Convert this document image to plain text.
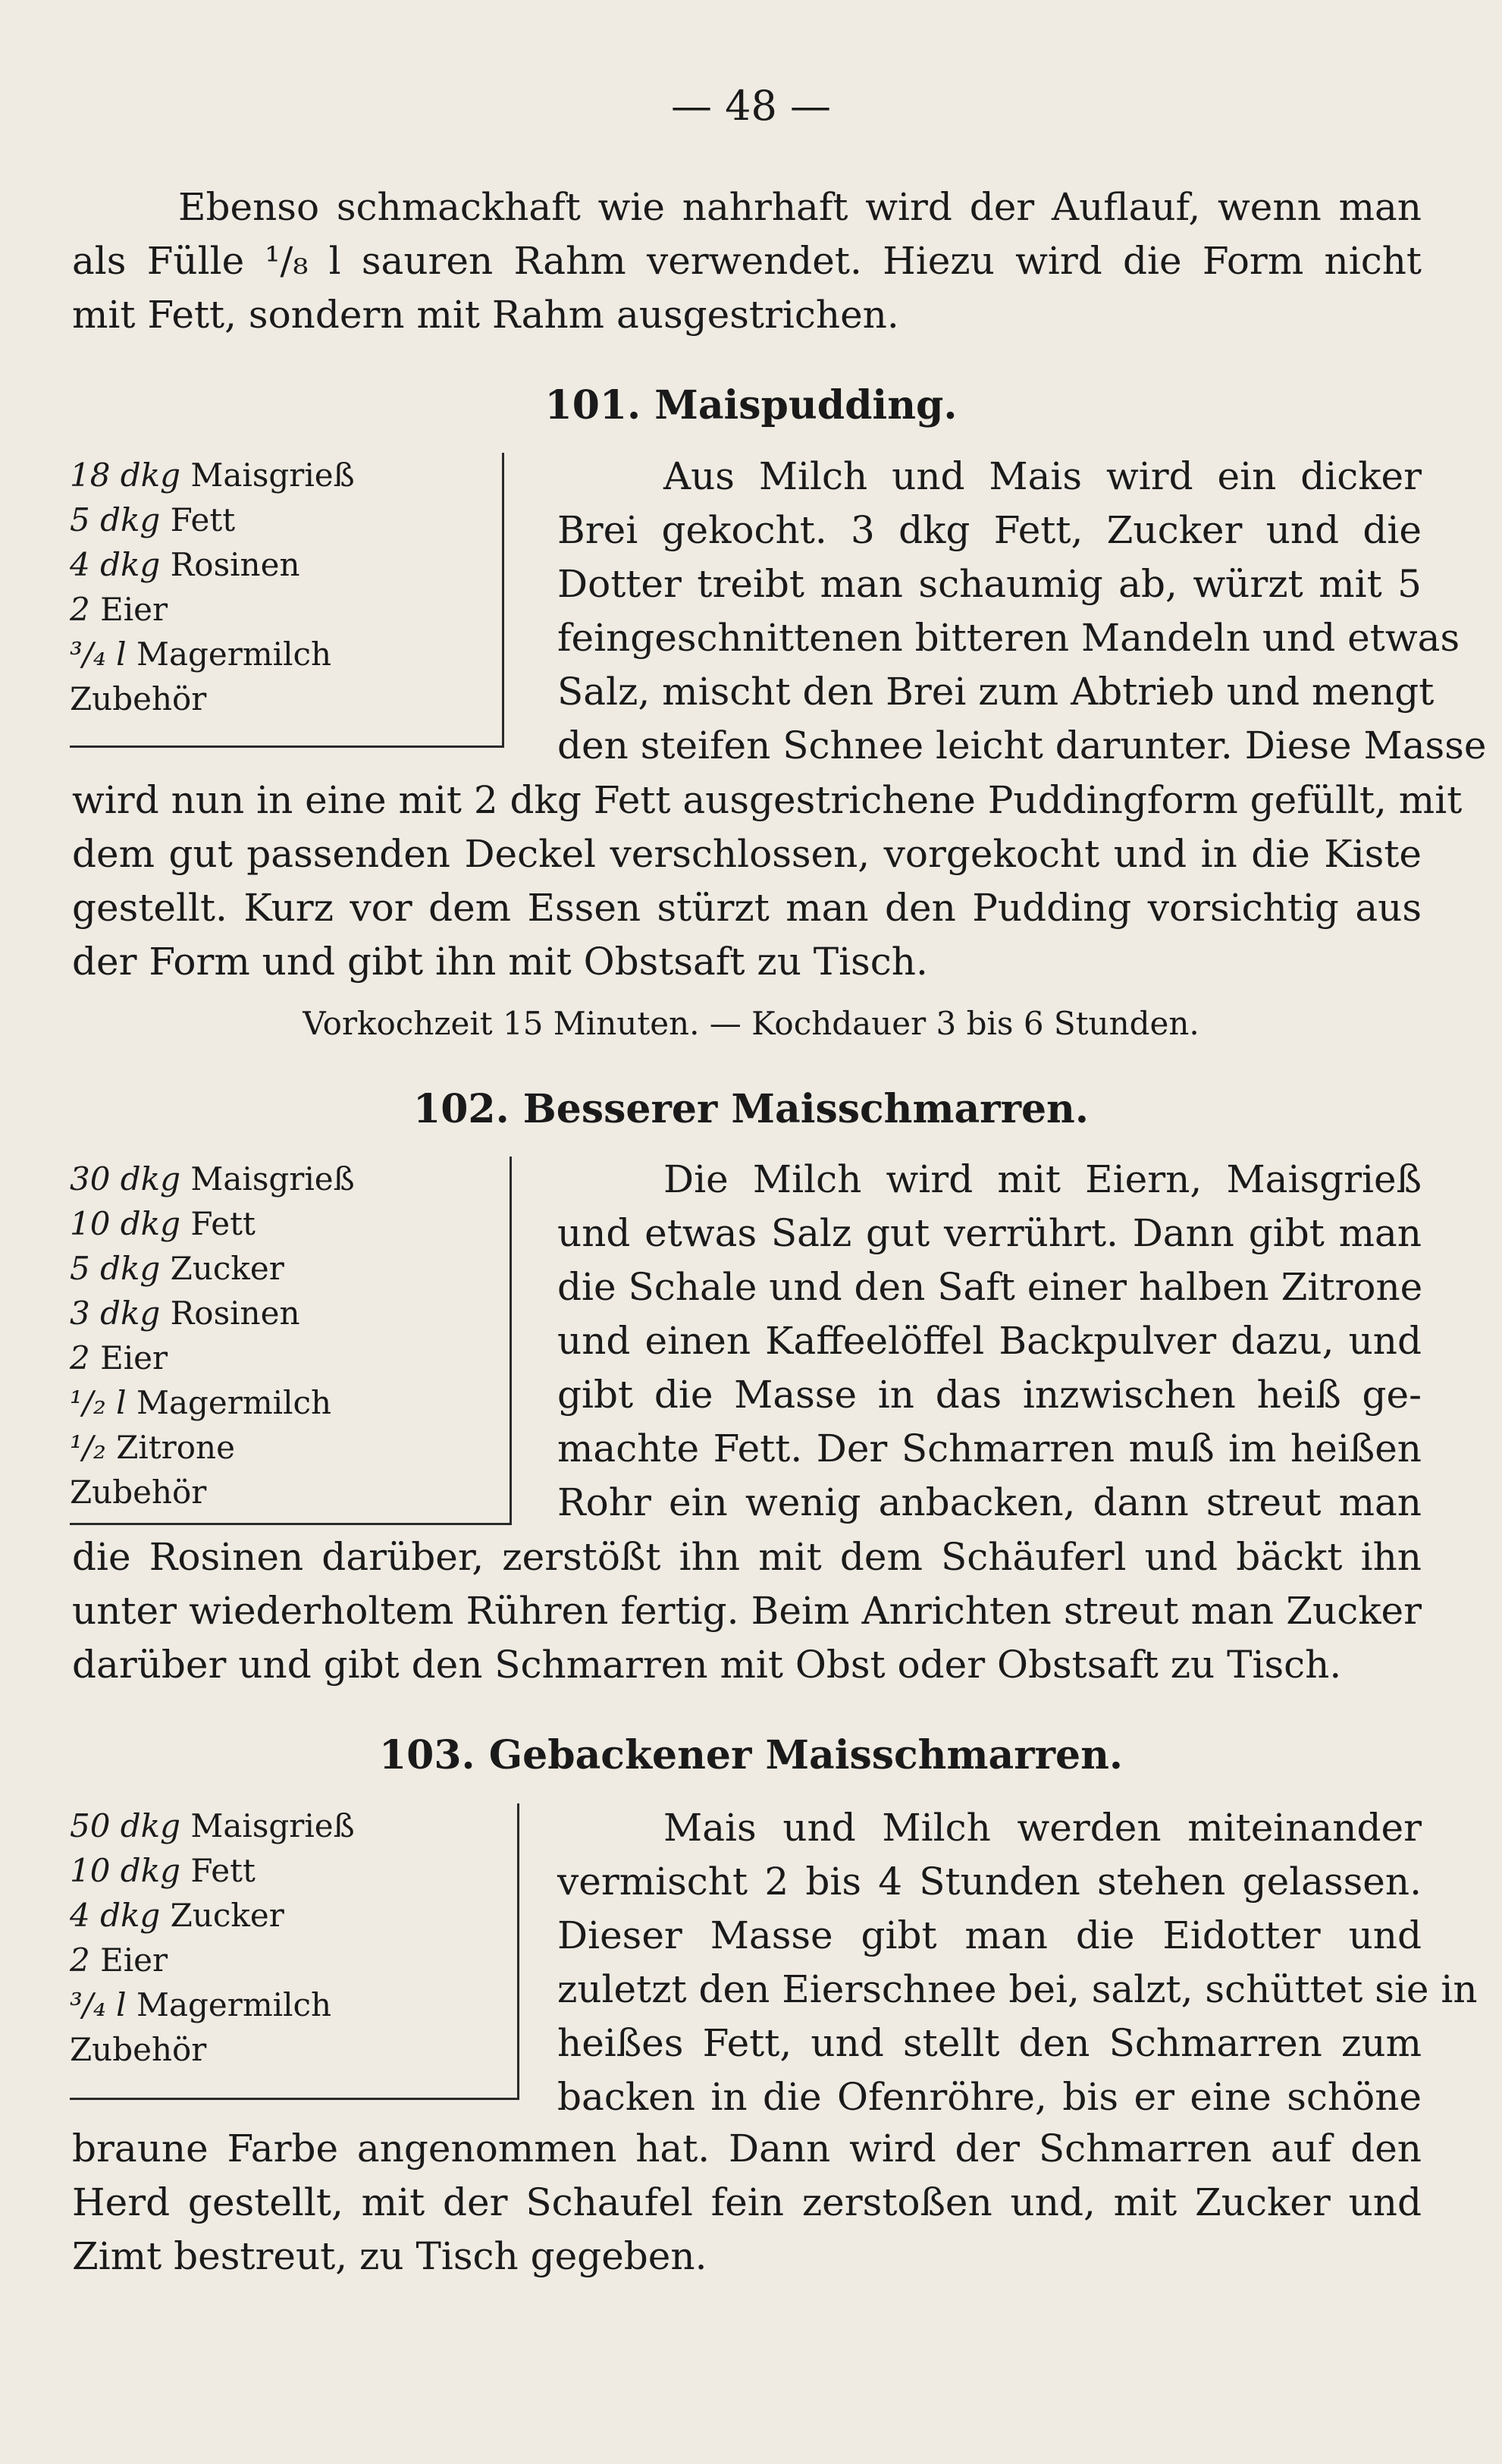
— 48 —
Ebenso schmackhaft wie nahrhaft wird der Auflauf, wenn man
als Fülle ¹/₈ l sauren Rahm verwendet. Hiezu wird die Form nicht
mit Fett, sondern mit Rahm ausgestrichen.
101. Maispudding.
18 dkg Maisgrieß
5 dkg Fett
4 dkg Rosinen
2 Eier
³/₄ l Magermilch
Zubehör
Aus Milch und Mais wird ein dicker
Brei gekocht. 3 dkg Fett, Zucker und die
Dotter treibt man schaumig ab, würzt mit 5
feingeschnittenen bitteren Mandeln und etwas
Salz, mischt den Brei zum Abtrieb und mengt
den steifen Schnee leicht darunter. Diese Masse
wird nun in eine mit 2 dkg Fett ausgestrichene Puddingform gefüllt, mit
dem gut passenden Deckel verschlossen, vorgekocht und in die Kiste
gestellt. Kurz vor dem Essen stürzt man den Pudding vorsichtig aus
der Form und gibt ihn mit Obstsaft zu Tisch.
Vorkochzeit 15 Minuten. — Kochdauer 3 bis 6 Stunden.
102. Besserer Maisschmarren.
30 dkg Maisgrieß
10 dkg Fett
5 dkg Zucker
3 dkg Rosinen
2 Eier
¹/₂ l Magermilch
¹/₂ Zitrone
Zubehör
Die Milch wird mit Eiern, Maisgrieß
und etwas Salz gut verrührt. Dann gibt man
die Schale und den Saft einer halben Zitrone
und einen Kaffeelöffel Backpulver dazu, und
gibt die Masse in das inzwischen heiß ge-
machte Fett. Der Schmarren muß im heißen
Rohr ein wenig anbacken, dann streut man
die Rosinen darüber, zerstößt ihn mit dem Schäuferl und bäckt ihn
unter wiederholtem Rühren fertig. Beim Anrichten streut man Zucker
darüber und gibt den Schmarren mit Obst oder Obstsaft zu Tisch.
103. Gebackener Maisschmarren.
50 dkg Maisgrieß
10 dkg Fett
4 dkg Zucker
2 Eier
³/₄ l Magermilch
Zubehör
Mais und Milch werden miteinander
vermischt 2 bis 4 Stunden stehen gelassen.
Dieser Masse gibt man die Eidotter und
zuletzt den Eierschnee bei, salzt, schüttet sie in
heißes Fett, und stellt den Schmarren zum
backen in die Ofenröhre, bis er eine schöne
braune Farbe angenommen hat. Dann wird der Schmarren auf den
Herd gestellt, mit der Schaufel fein zerstoßen und, mit Zucker und
Zimt bestreut, zu Tisch gegeben.
